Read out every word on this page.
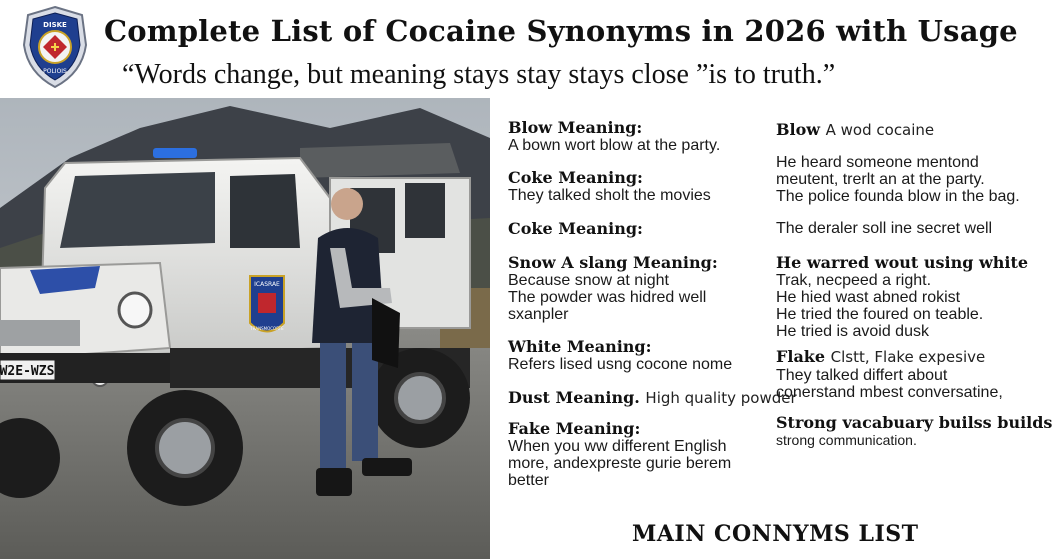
DISKE
POLIOIS
Complete List of Cocaine Synonyms in 2026 with Usage
“Words change, but meaning stays stay stays close ”is to truth.”
W2E-WZS
ICASRAE
TRANSMOCORTE
Blow Meaning:
A bown wort blow at the party.
Coke Meaning:
They talked sholt the movies
Coke Meaning:
Snow A slang Meaning:
Because snow at night
The powder was hidred well
sxanpler
White Meaning:
Refers lised usng cocone nome
Dust Meaning. High quality powder
Fake Meaning:
When you ww different English
more, andexpreste gurie berem
better
Blow A wod cocaine
He heard someone mentond
meutent, trerlt an at the party.
The police founda blow in the bag.
The deraler soll ine secret well
He warred wout using white
Trak, necpeed a right.
He hied wast abned rokist
He tried the foured on teable.
He tried is avoid dusk
Flake Clstt, Flake expesive
They talked differt about
conerstand mbest conversatine,
Strong vacabuary builss builds
strong communication.
MAIN CONNYMS LIST
